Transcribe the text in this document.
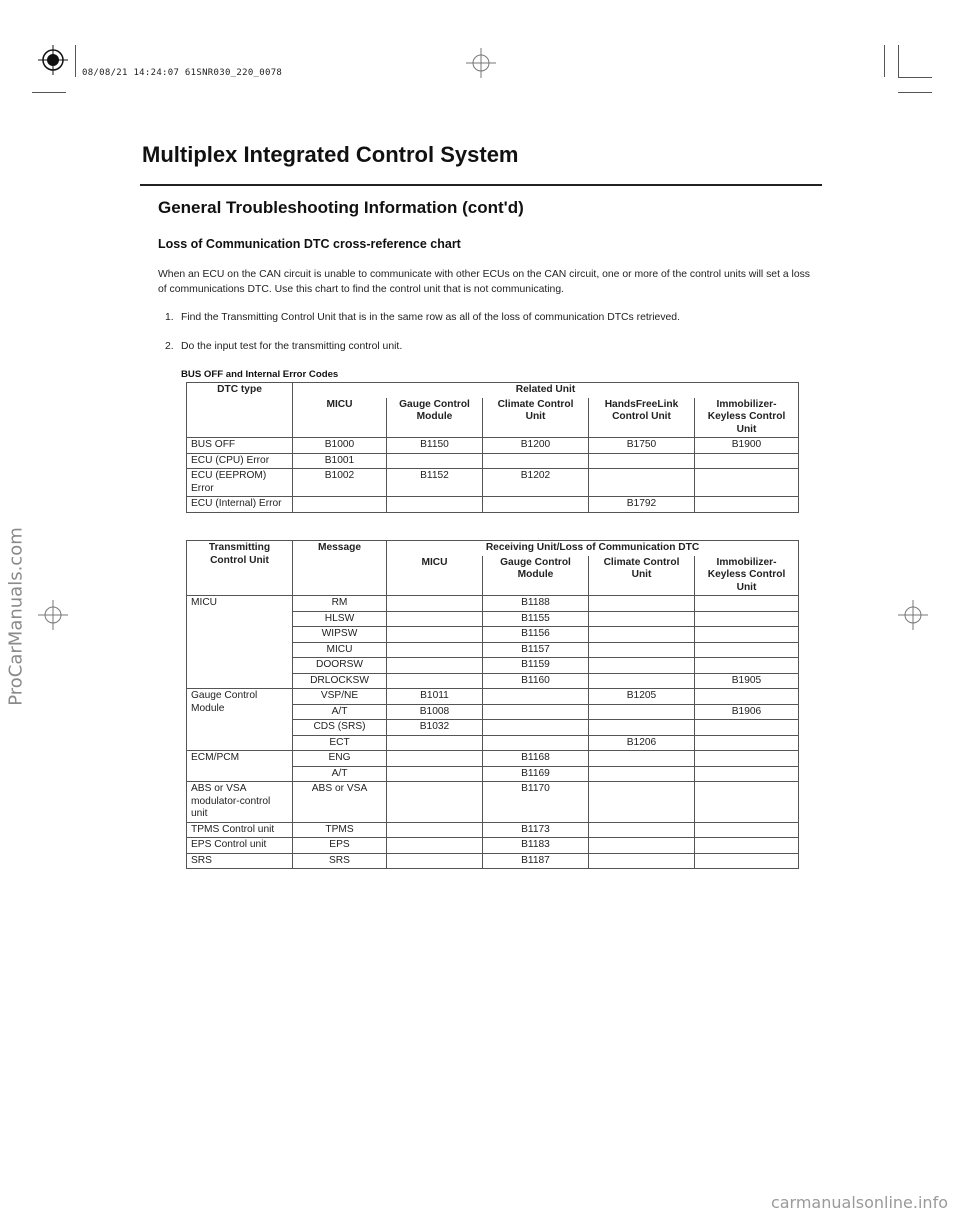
08/08/21 14:24:07 61SNR030_220_0078
ProCarManuals.com
carmanualsonline.info
Multiplex Integrated Control System
General Troubleshooting Information (cont'd)
Loss of Communication DTC cross-reference chart
When an ECU on the CAN circuit is unable to communicate with other ECUs on the CAN circuit, one or more of the control units will set a loss of communications DTC. Use this chart to find the control unit that is not communicating.
1. Find the Transmitting Control Unit that is in the same row as all of the loss of communication DTCs retrieved.
2. Do the input test for the transmitting control unit.
BUS OFF and Internal Error Codes
DTC type	Related Unit				
	MICU	Gauge Control Module	Climate Control Unit	HandsFreeLink Control Unit	Immobilizer-Keyless Control Unit
BUS OFF	B1000	B1150	B1200	B1750	B1900
ECU (CPU) Error	B1001				
ECU (EEPROM) Error	B1002	B1152	B1202		
ECU (Internal) Error				B1792	
Transmitting Control Unit	Message	Receiving Unit/Loss of Communication DTC			
		MICU	Gauge Control Module	Climate Control Unit	Immobilizer-Keyless Control Unit
MICU	RM		B1188		
	HLSW		B1155		
	WIPSW		B1156		
	MICU		B1157		
	DOORSW		B1159		
	DRLOCKSW		B1160		B1905
Gauge Control Module	VSP/NE	B1011		B1205	
	A/T	B1008			B1906
	CDS (SRS)	B1032			
	ECT			B1206	
ECM/PCM	ENG		B1168		
	A/T		B1169		
ABS or VSA modulator-control unit	ABS or VSA		B1170		
TPMS Control unit	TPMS		B1173		
EPS Control unit	EPS		B1183		
SRS	SRS		B1187		
